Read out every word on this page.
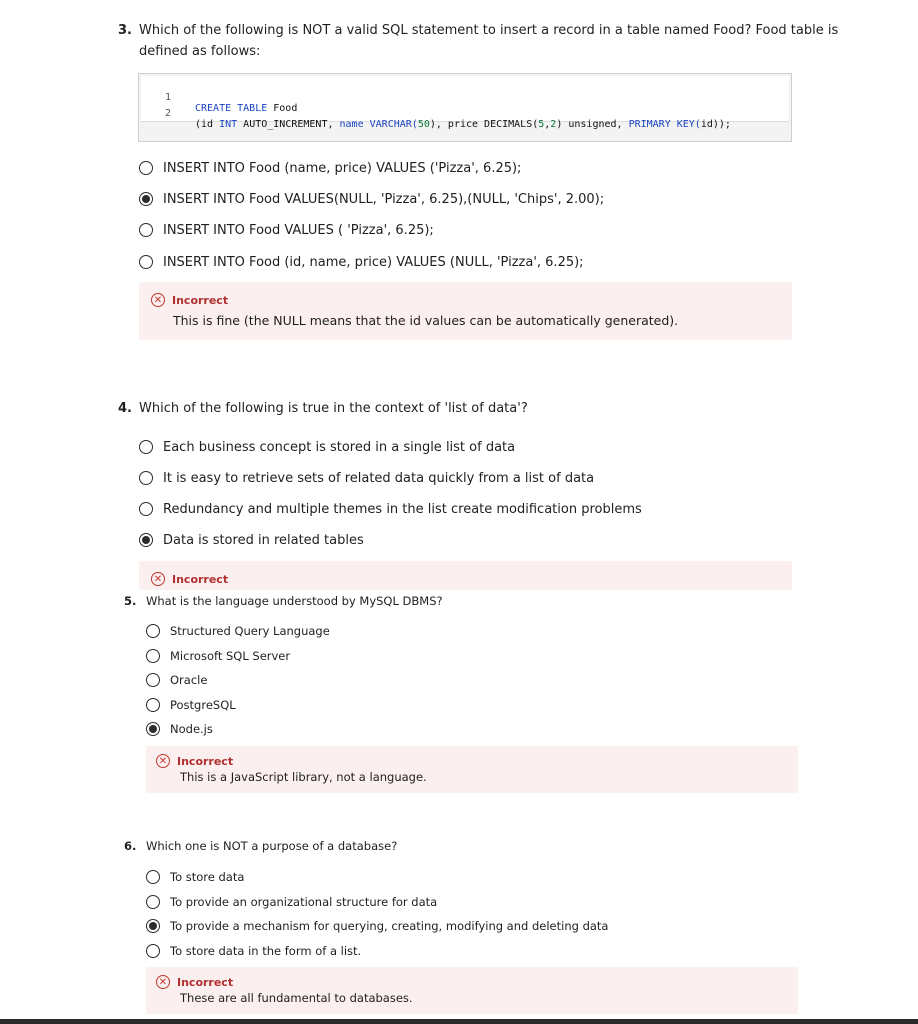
3. Which of the following is NOT a valid SQL statement to insert a record in a table named Food? Food table is
defined as follows:

1

CREATE TABLE Food

2

(id INT AUTO_INCREMENT, name VARCHAR(50), price DECIMALS(5,2) unsigned, PRIMARY KEY(id));

INSERT INTO Food (name, price) VALUES ('Pizza', 6.25);
INSERT INTO Food VALUES(NULL, 'Pizza', 6.25),(NULL, 'Chips', 2.00);
INSERT INTO Food VALUES ( 'Pizza', 6.25);
INSERT INTO Food (id, name, price) VALUES (NULL, 'Pizza', 6.25);
✕ Incorrect
This is fine (the NULL means that the id values can be automatically generated).
4. Which of the following is true in the context of 'list of data'?
Each business concept is stored in a single list of data
It is easy to retrieve sets of related data quickly from a list of data
Redundancy and multiple themes in the list create modification problems
Data is stored in related tables
✕ Incorrect
5. What is the language understood by MySQL DBMS?
Structured Query Language
Microsoft SQL Server
Oracle
PostgreSQL
Node.js
✕ Incorrect
This is a JavaScript library, not a language.
6. Which one is NOT a purpose of a database?
To store data
To provide an organizational structure for data
To provide a mechanism for querying, creating, modifying and deleting data
To store data in the form of a list.
✕ Incorrect
These are all fundamental to databases.
